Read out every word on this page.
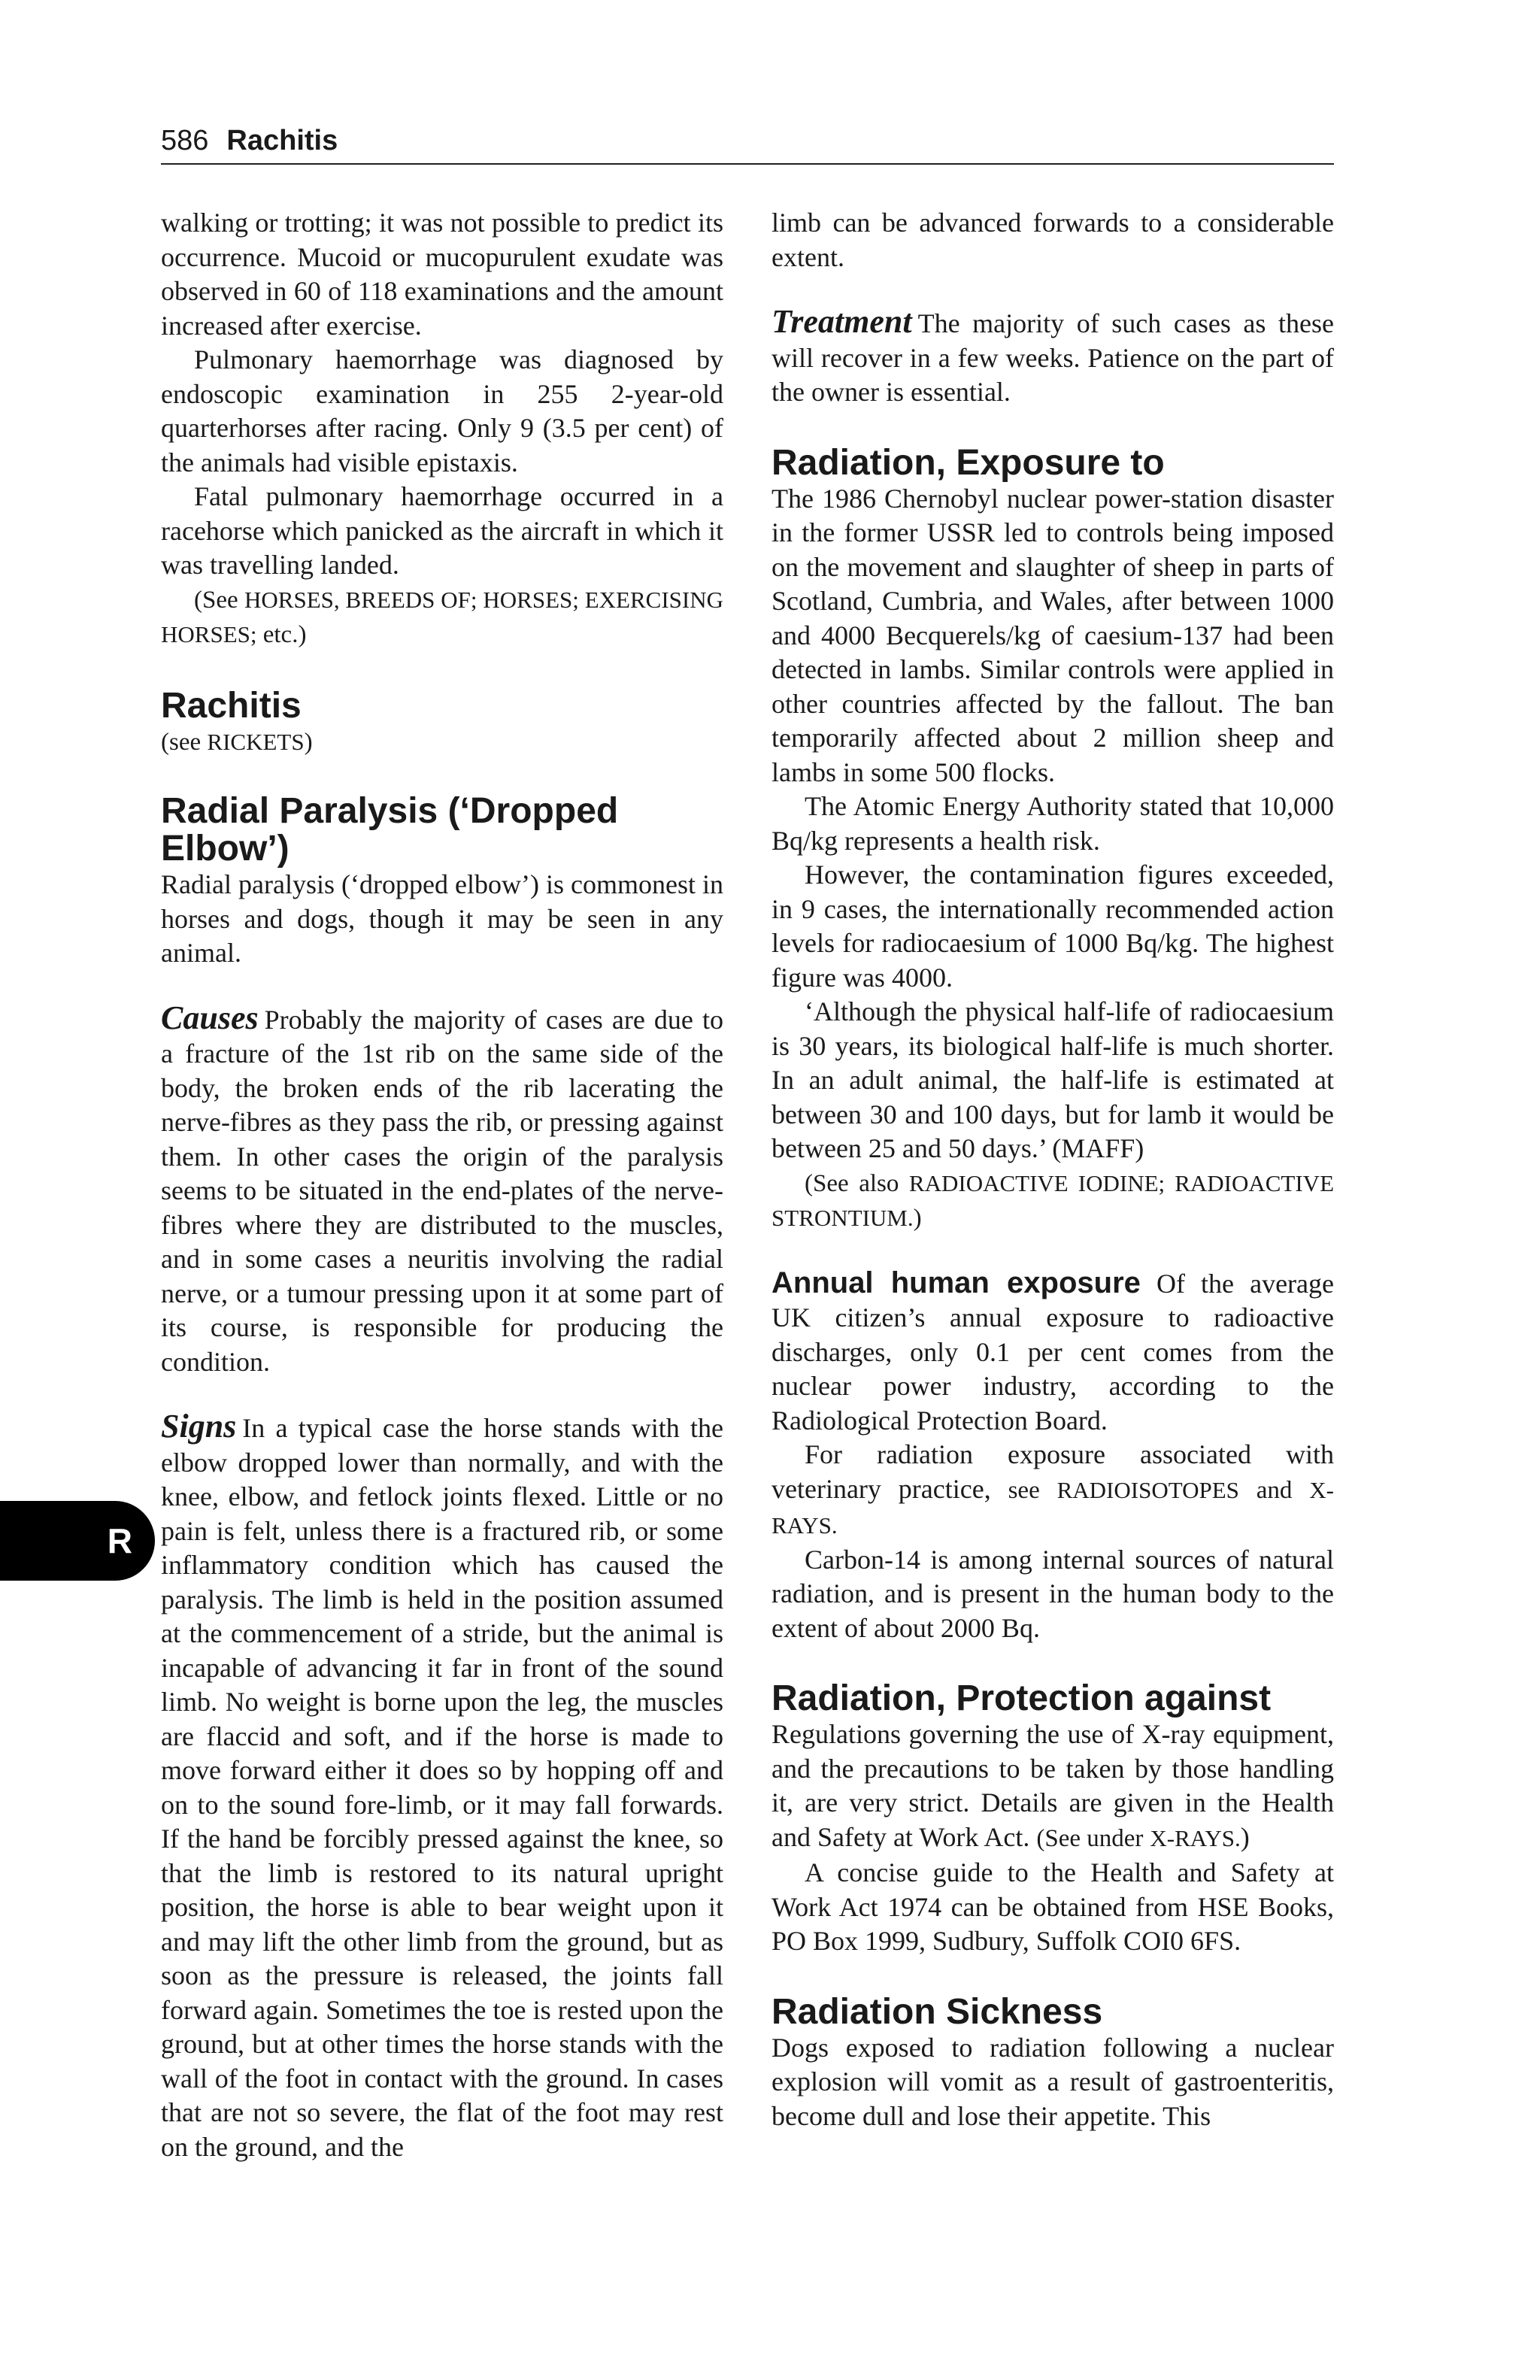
586 Rachitis
R

walking or trotting; it was not possible to predict its occurrence. Mucoid or mucopurulent exudate was observed in 60 of 118 examinations and the amount increased after exercise.

Pulmonary haemorrhage was diagnosed by endoscopic examination in 255 2-year-old quarterhorses after racing. Only 9 (3.5 per cent) of the animals had visible epistaxis.

Fatal pulmonary haemorrhage occurred in a racehorse which panicked as the aircraft in which it was travelling landed.

(See HORSES, BREEDS OF; HORSES; EXERCISING HORSES; etc.)

Rachitis

(see RICKETS)

Radial Paralysis (‘Dropped Elbow’)

Radial paralysis (‘dropped elbow’) is commonest in horses and dogs, though it may be seen in any animal.

Causes Probably the majority of cases are due to a fracture of the 1st rib on the same side of the body, the broken ends of the rib lacerating the nerve-fibres as they pass the rib, or pressing against them. In other cases the origin of the paralysis seems to be situated in the end-plates of the nerve-fibres where they are distributed to the muscles, and in some cases a neuritis involving the radial nerve, or a tumour pressing upon it at some part of its course, is responsible for producing the condition.

Signs In a typical case the horse stands with the elbow dropped lower than normally, and with the knee, elbow, and fetlock joints flexed. Little or no pain is felt, unless there is a fractured rib, or some inflammatory condition which has caused the paralysis. The limb is held in the position assumed at the commencement of a stride, but the animal is incapable of advancing it far in front of the sound limb. No weight is borne upon the leg, the muscles are flaccid and soft, and if the horse is made to move forward either it does so by hopping off and on to the sound fore-limb, or it may fall forwards. If the hand be forcibly pressed against the knee, so that the limb is restored to its natural upright position, the horse is able to bear weight upon it and may lift the other limb from the ground, but as soon as the pressure is released, the joints fall forward again. Sometimes the toe is rested upon the ground, but at other times the horse stands with the wall of the foot in contact with the ground. In cases that are not so severe, the flat of the foot may rest on the ground, and the

limb can be advanced forwards to a considerable extent.

Treatment The majority of such cases as these will recover in a few weeks. Patience on the part of the owner is essential.

Radiation, Exposure to

The 1986 Chernobyl nuclear power-station disaster in the former USSR led to controls being imposed on the movement and slaughter of sheep in parts of Scotland, Cumbria, and Wales, after between 1000 and 4000 Becquerels/kg of caesium-137 had been detected in lambs. Similar controls were applied in other countries affected by the fallout. The ban temporarily affected about 2 million sheep and lambs in some 500 flocks.

The Atomic Energy Authority stated that 10,000 Bq/kg represents a health risk.

However, the contamination figures exceeded, in 9 cases, the internationally recommended action levels for radiocaesium of 1000 Bq/kg. The highest figure was 4000.

‘Although the physical half-life of radiocaesium is 30 years, its biological half-life is much shorter. In an adult animal, the half-life is estimated at between 30 and 100 days, but for lamb it would be between 25 and 50 days.’ (MAFF)

(See also RADIOACTIVE IODINE; RADIOACTIVE STRONTIUM.)

Annual human exposure Of the average UK citizen’s annual exposure to radioactive discharges, only 0.1 per cent comes from the nuclear power industry, according to the Radiological Protection Board.

For radiation exposure associated with veterinary practice, see RADIOISOTOPES and X-RAYS.

Carbon-14 is among internal sources of natural radiation, and is present in the human body to the extent of about 2000 Bq.

Radiation, Protection against

Regulations governing the use of X-ray equipment, and the precautions to be taken by those handling it, are very strict. Details are given in the Health and Safety at Work Act. (See under X-RAYS.)

A concise guide to the Health and Safety at Work Act 1974 can be obtained from HSE Books, PO Box 1999, Sudbury, Suffolk COI0 6FS.

Radiation Sickness

Dogs exposed to radiation following a nuclear explosion will vomit as a result of gastroenteritis, become dull and lose their appetite. This
